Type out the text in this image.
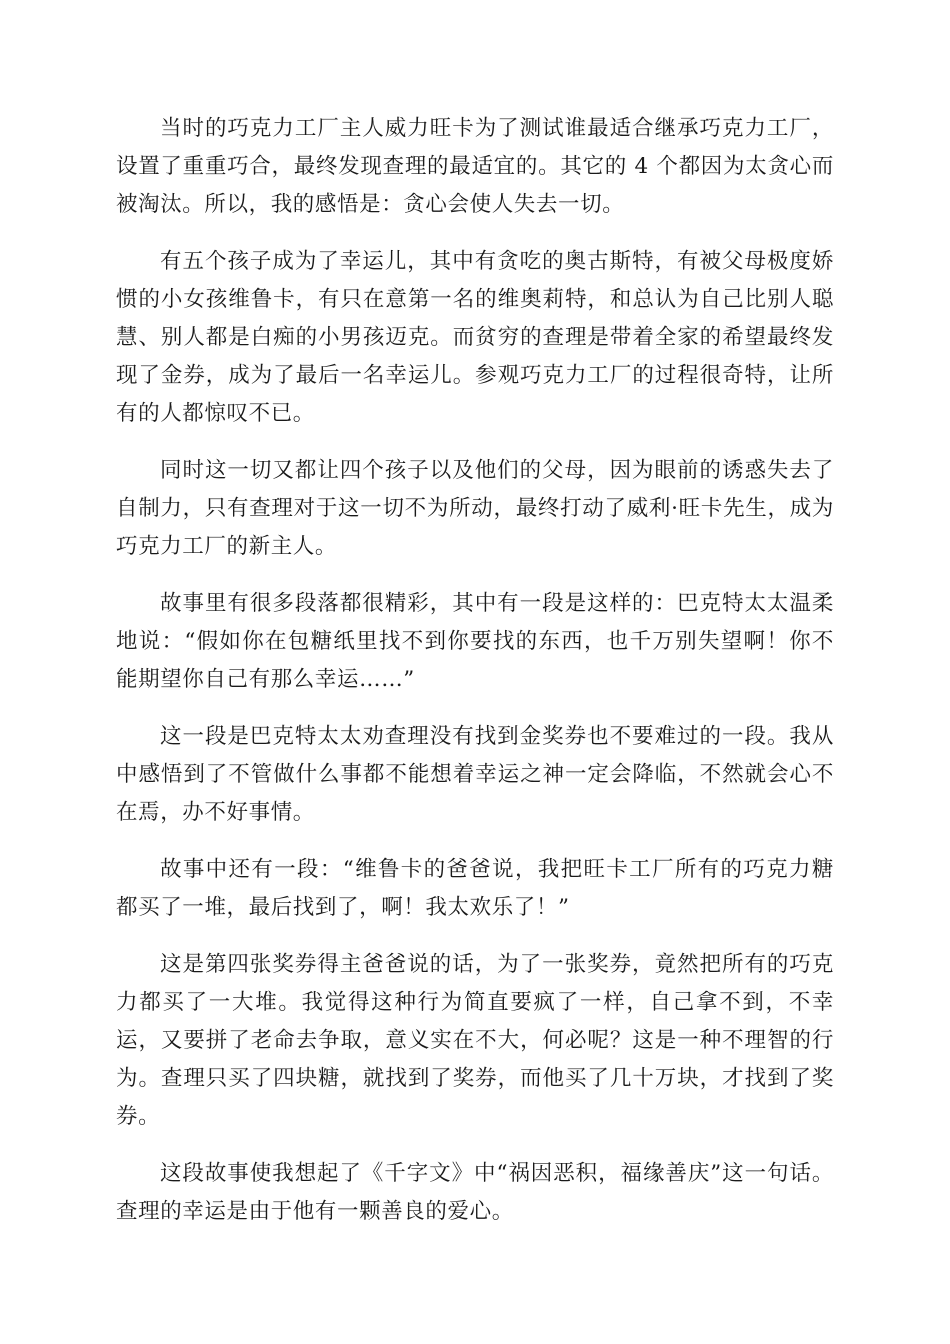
当时的巧克力工厂主人威力旺卡为了测试谁最适合继承巧克力工厂，设置了重重巧合，最终发现查理的最适宜的。其它的 4 个都因为太贪心而被淘汰。所以，我的感悟是：贪心会使人失去一切。

有五个孩子成为了幸运儿，其中有贪吃的奥古斯特，有被父母极度娇惯的小女孩维鲁卡，有只在意第一名的维奥莉特，和总认为自己比别人聪慧、别人都是白痴的小男孩迈克。而贫穷的查理是带着全家的希望最终发现了金券，成为了最后一名幸运儿。参观巧克力工厂的过程很奇特，让所有的人都惊叹不已。

同时这一切又都让四个孩子以及他们的父母，因为眼前的诱惑失去了自制力，只有查理对于这一切不为所动，最终打动了威利·旺卡先生，成为巧克力工厂的新主人。

故事里有很多段落都很精彩，其中有一段是这样的：巴克特太太温柔地说：“假如你在包糖纸里找不到你要找的东西，也千万别失望啊！你不能期望你自己有那么幸运……”

这一段是巴克特太太劝查理没有找到金奖券也不要难过的一段。我从中感悟到了不管做什么事都不能想着幸运之神一定会降临，不然就会心不在焉，办不好事情。

故事中还有一段：“维鲁卡的爸爸说，我把旺卡工厂所有的巧克力糖都买了一堆，最后找到了，啊！我太欢乐了！”

这是第四张奖券得主爸爸说的话，为了一张奖券，竟然把所有的巧克力都买了一大堆。我觉得这种行为简直要疯了一样，自己拿不到，不幸运，又要拼了老命去争取，意义实在不大，何必呢？这是一种不理智的行为。查理只买了四块糖，就找到了奖券，而他买了几十万块，才找到了奖券。

这段故事使我想起了《千字文》中“祸因恶积，福缘善庆”这一句话。查理的幸运是由于他有一颗善良的爱心。
